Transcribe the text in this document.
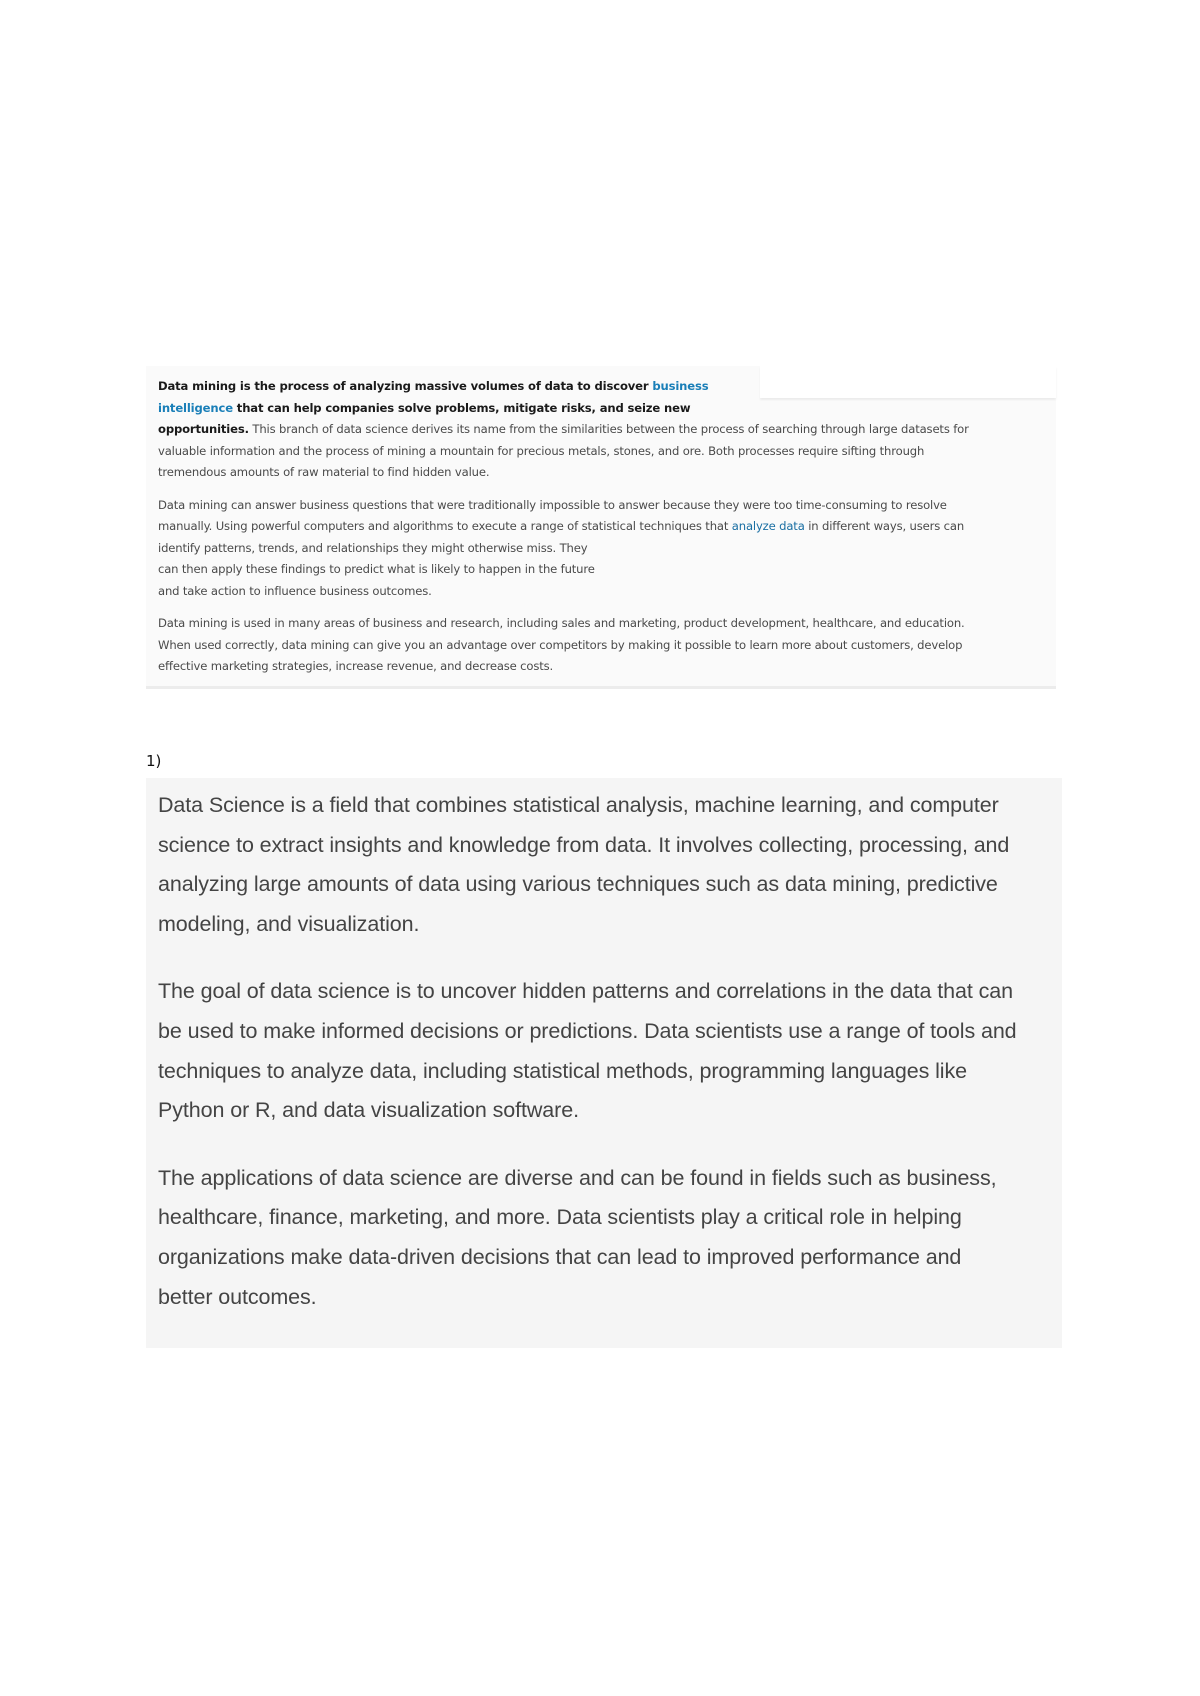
Data mining is the process of analyzing massive volumes of data to discover business
intelligence that can help companies solve problems, mitigate risks, and seize new
opportunities. This branch of data science derives its name from the similarities between the process of searching through large datasets for
valuable information and the process of mining a mountain for precious metals, stones, and ore. Both processes require sifting through
tremendous amounts of raw material to find hidden value.

Data mining can answer business questions that were traditionally impossible to answer because they were too time-consuming to resolve
manually. Using powerful computers and algorithms to execute a range of statistical techniques that analyze data in different ways, users can
identify patterns, trends, and relationships they might otherwise miss. They
can then apply these findings to predict what is likely to happen in the future
and take action to influence business outcomes.

Data mining is used in many areas of business and research, including sales and marketing, product development, healthcare, and education.
When used correctly, data mining can give you an advantage over competitors by making it possible to learn more about customers, develop
effective marketing strategies, increase revenue, and decrease costs.

1)

Data Science is a field that combines statistical analysis, machine learning, and computer
science to extract insights and knowledge from data. It involves collecting, processing, and
analyzing large amounts of data using various techniques such as data mining, predictive
modeling, and visualization.

The goal of data science is to uncover hidden patterns and correlations in the data that can
be used to make informed decisions or predictions. Data scientists use a range of tools and
techniques to analyze data, including statistical methods, programming languages like
Python or R, and data visualization software.

The applications of data science are diverse and can be found in fields such as business,
healthcare, finance, marketing, and more. Data scientists play a critical role in helping
organizations make data-driven decisions that can lead to improved performance and
better outcomes.
